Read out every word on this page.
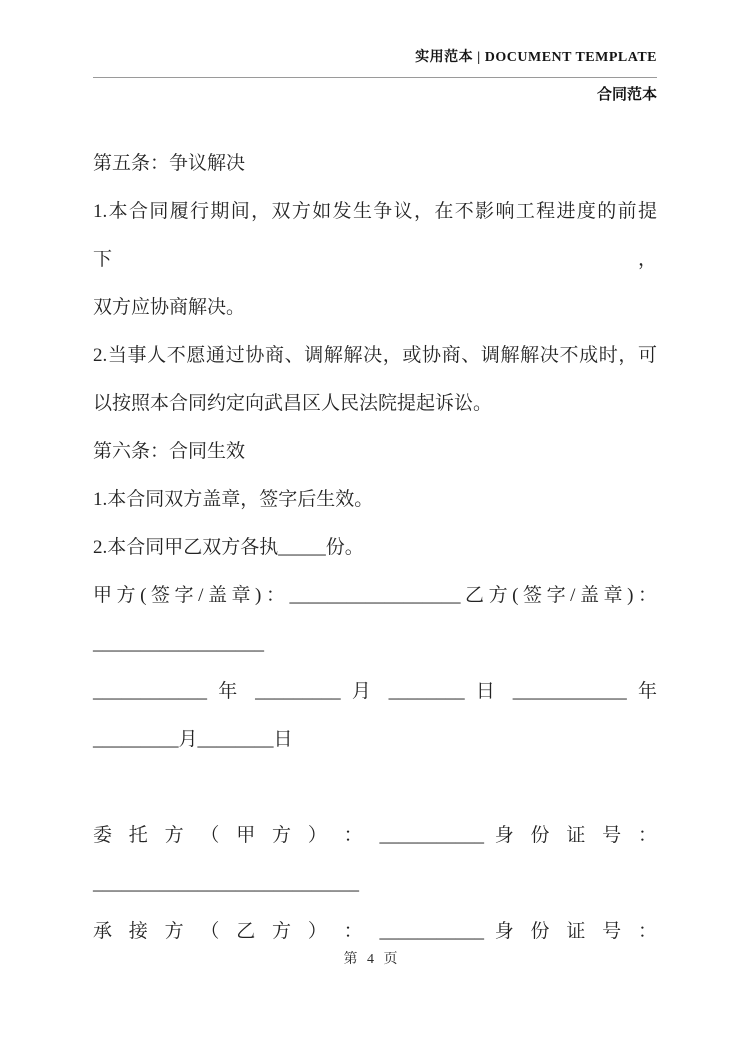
实用范本 | DOCUMENT TEMPLATE
合同范本

第五条：争议解决

1.本合同履行期间，双方如发生争议，在不影响工程进度的前提下，

双方应协商解决。

2.当事人不愿通过协商、调解解决，或协商、调解解决不成时，可

以按照本合同约定向武昌区人民法院提起诉讼。

第六条：合同生效

1.本合同双方盖章，签字后生效。

2.本合同甲乙双方各执_____份。

甲方(签字/盖章)：__________________乙方(签字/盖章)：

__________________

____________ 年 _________ 月 ________ 日 ____________ 年

_________月________日

委 托 方 （ 甲 方 ） ： ___________ 身 份 证 号 ：

____________________________

承 接 方 （ 乙 方 ） ： ___________ 身 份 证 号 ：

第 4 页
